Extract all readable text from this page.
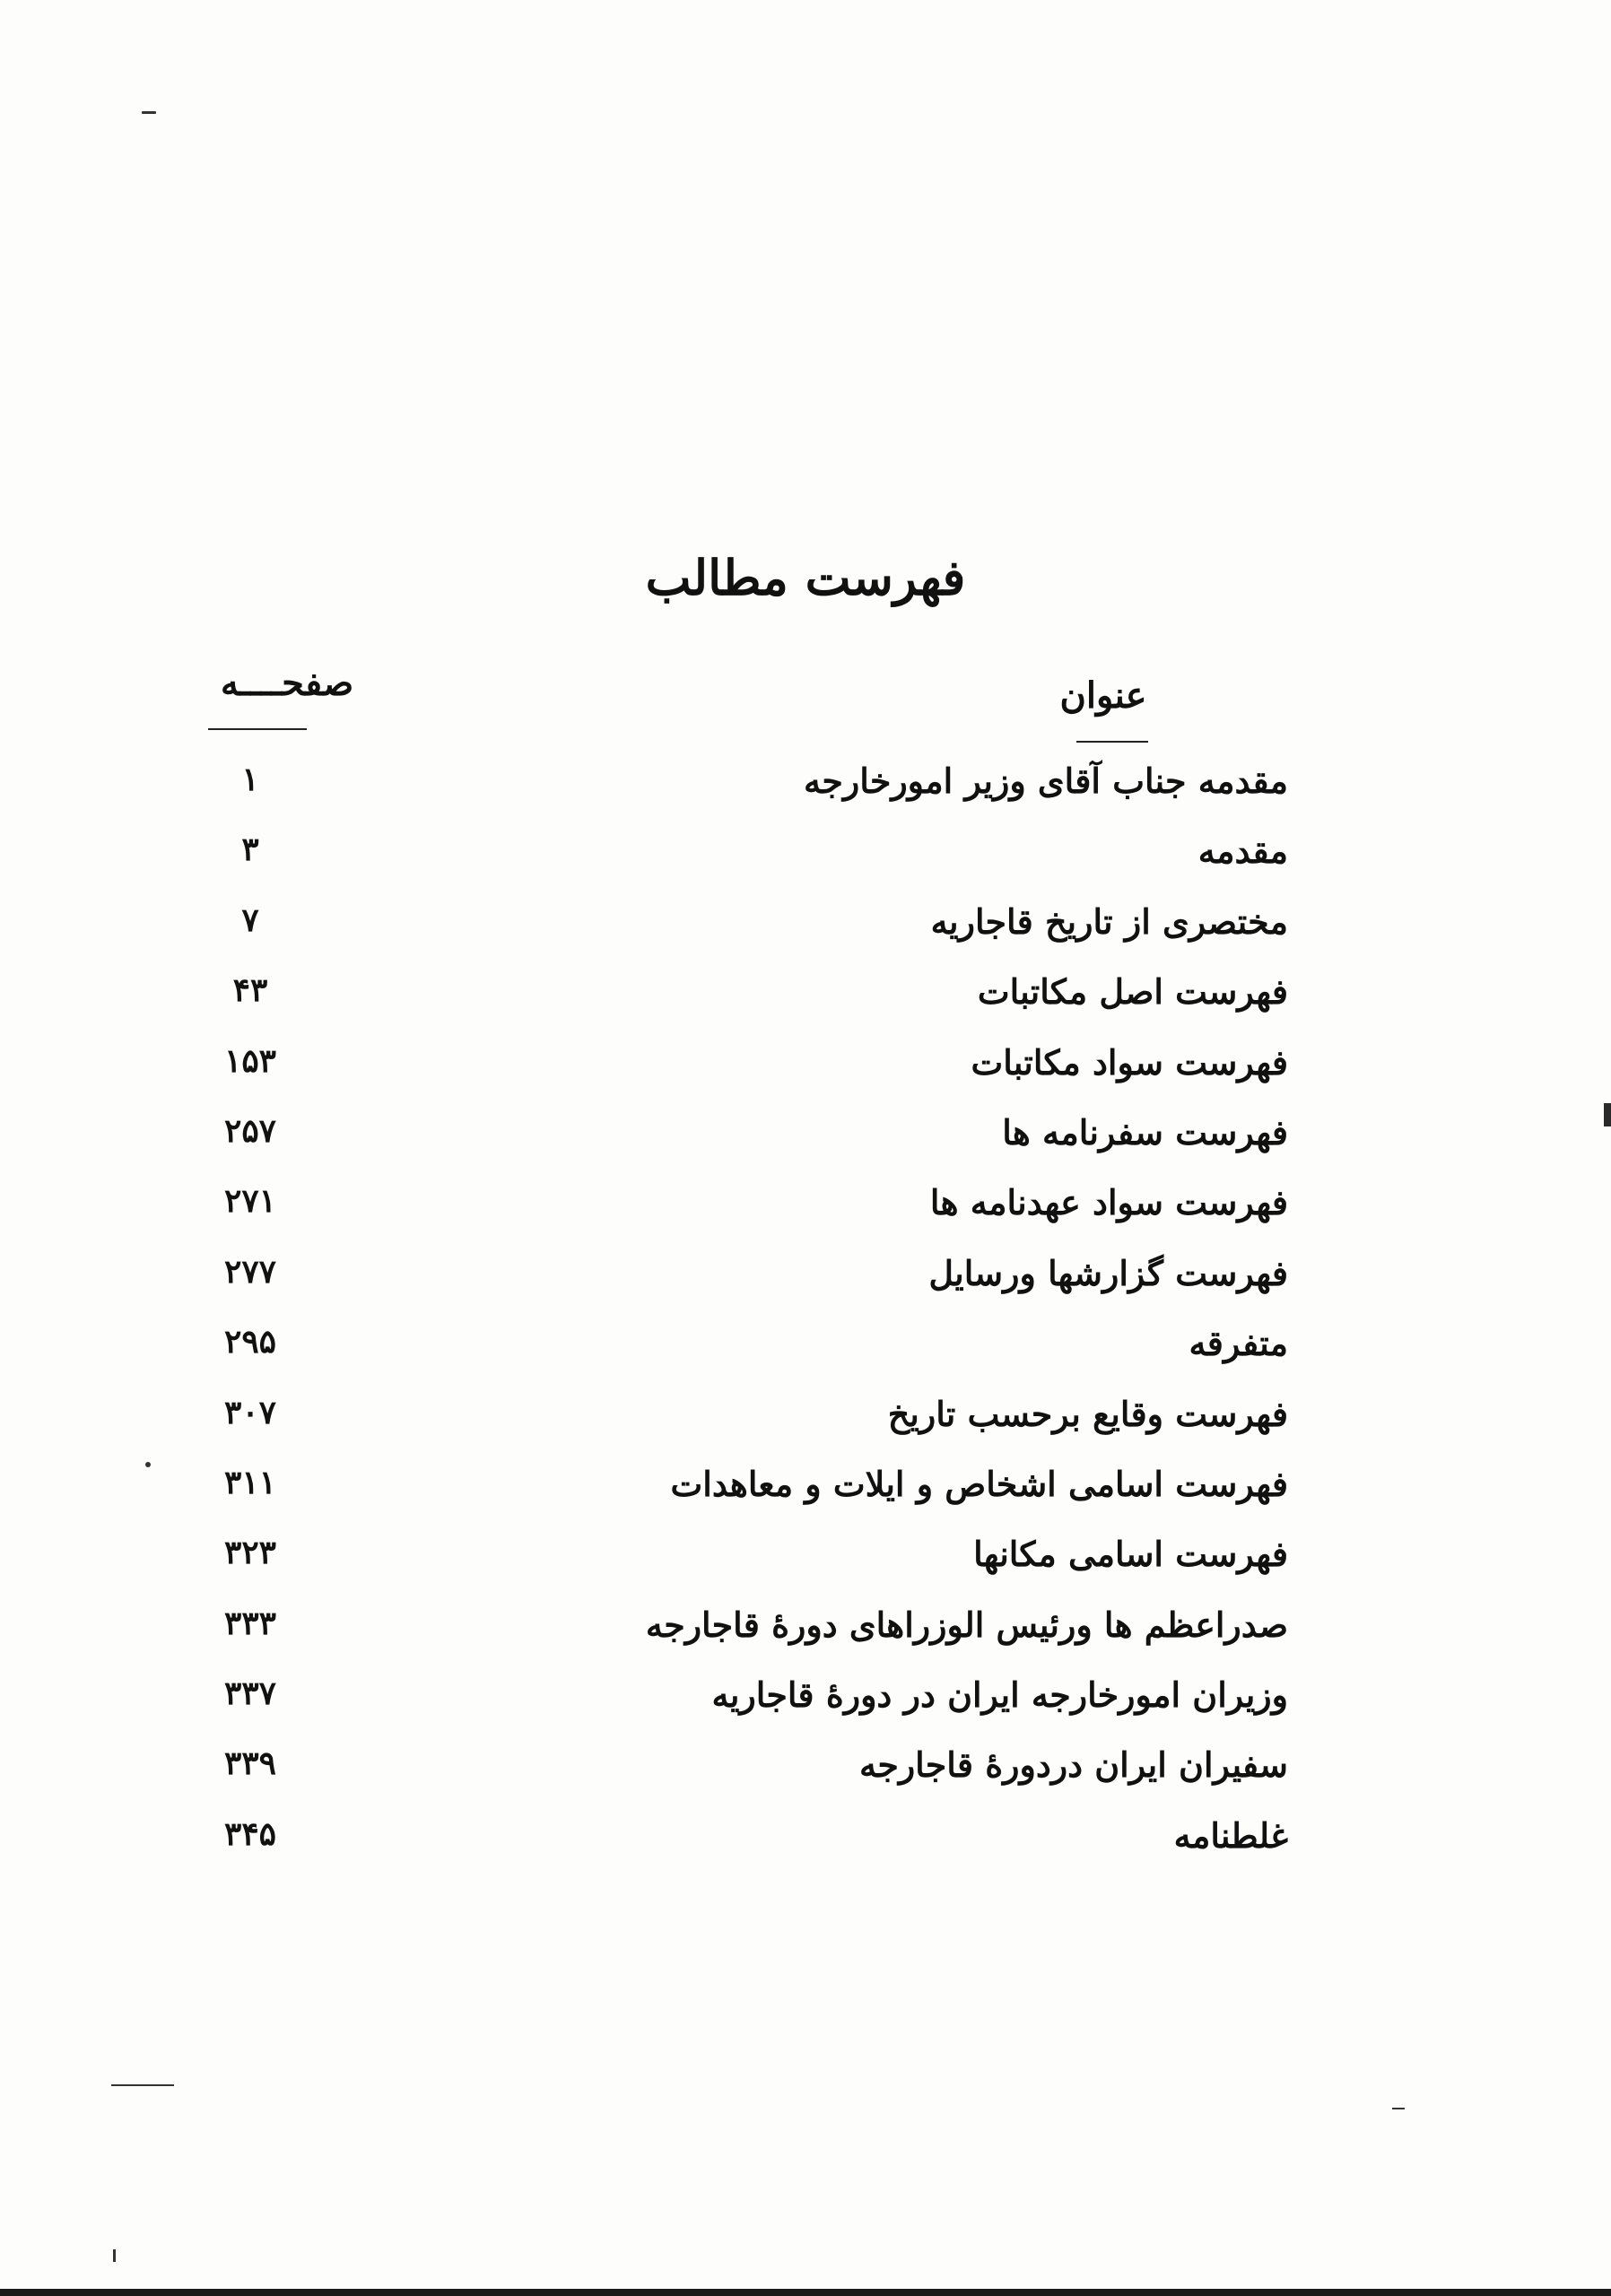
فهرست مطالب
عنوان
صفحــــه
مقدمه جناب آقای وزیر امورخارجه
۱
مقدمه
۳
مختصری از تاریخ قاجاریه
۷
فهرست اصل مکاتبات
۴۳
فهرست سواد مکاتبات
۱۵۳
فهرست سفرنامه ها
۲۵۷
فهرست سواد عهدنامه ها
۲۷۱
فهرست گزارشها ورسایل
۲۷۷
متفرقه
۲۹۵
فهرست وقایع برحسب تاریخ
۳۰۷
فهرست اسامی اشخاص و ایلات و معاهدات
۳۱۱
فهرست اسامی مکانها
۳۲۳
صدراعظم ها ورئیس الوزراهای دورهٔ قاجارجه
۳۳۳
وزیران امورخارجه ایران در دورهٔ قاجاریه
۳۳۷
سفیران ایران دردورهٔ قاجارجه
۳۳۹
غلطنامه
۳۴۵
